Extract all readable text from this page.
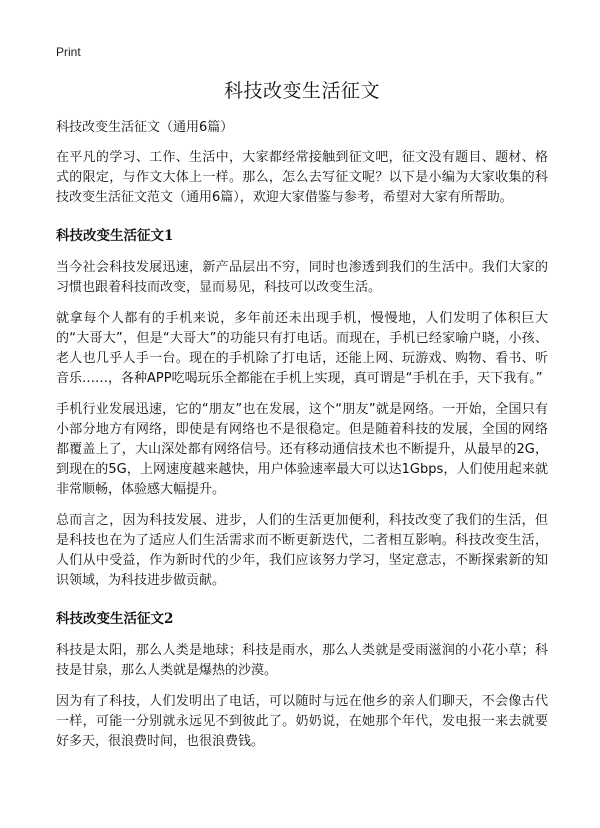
Print
科技改变生活征文
科技改变生活征文（通用6篇）

在平凡的学习、工作、生活中，大家都经常接触到征文吧，征文没有题目、题材、格式的限定，与作文大体上一样。那么，怎么去写征文呢？以下是小编为大家收集的科技改变生活征文范文（通用6篇），欢迎大家借鉴与参考，希望对大家有所帮助。

科技改变生活征文1

当今社会科技发展迅速，新产品层出不穷，同时也渗透到我们的生活中。我们大家的习惯也跟着科技而改变，显而易见，科技可以改变生活。

就拿每个人都有的手机来说，多年前还未出现手机，慢慢地，人们发明了体积巨大的“大哥大”，但是“大哥大”的功能只有打电话。而现在，手机已经家喻户晓，小孩、老人也几乎人手一台。现在的手机除了打电话，还能上网、玩游戏、购物、看书、听音乐……，各种APP吃喝玩乐全都能在手机上实现，真可谓是“手机在手，天下我有。”

手机行业发展迅速，它的“朋友”也在发展，这个“朋友”就是网络。一开始，全国只有小部分地方有网络，即使是有网络也不是很稳定。但是随着科技的发展，全国的网络都覆盖上了，大山深处都有网络信号。还有移动通信技术也不断提升，从最早的2G，到现在的5G，上网速度越来越快，用户体验速率最大可以达1Gbps，人们使用起来就非常顺畅，体验感大幅提升。

总而言之，因为科技发展、进步，人们的生活更加便利，科技改变了我们的生活，但是科技也在为了适应人们生活需求而不断更新迭代，二者相互影响。科技改变生活，人们从中受益，作为新时代的少年，我们应该努力学习，坚定意志，不断探索新的知识领域，为科技进步做贡献。

科技改变生活征文2

科技是太阳，那么人类是地球；科技是雨水，那么人类就是受雨滋润的小花小草；科技是甘泉，那么人类就是爆热的沙漠。

因为有了科技，人们发明出了电话，可以随时与远在他乡的亲人们聊天，不会像古代一样，可能一分别就永远见不到彼此了。奶奶说，在她那个年代，发电报一来去就要好多天，很浪费时间，也很浪费钱。
